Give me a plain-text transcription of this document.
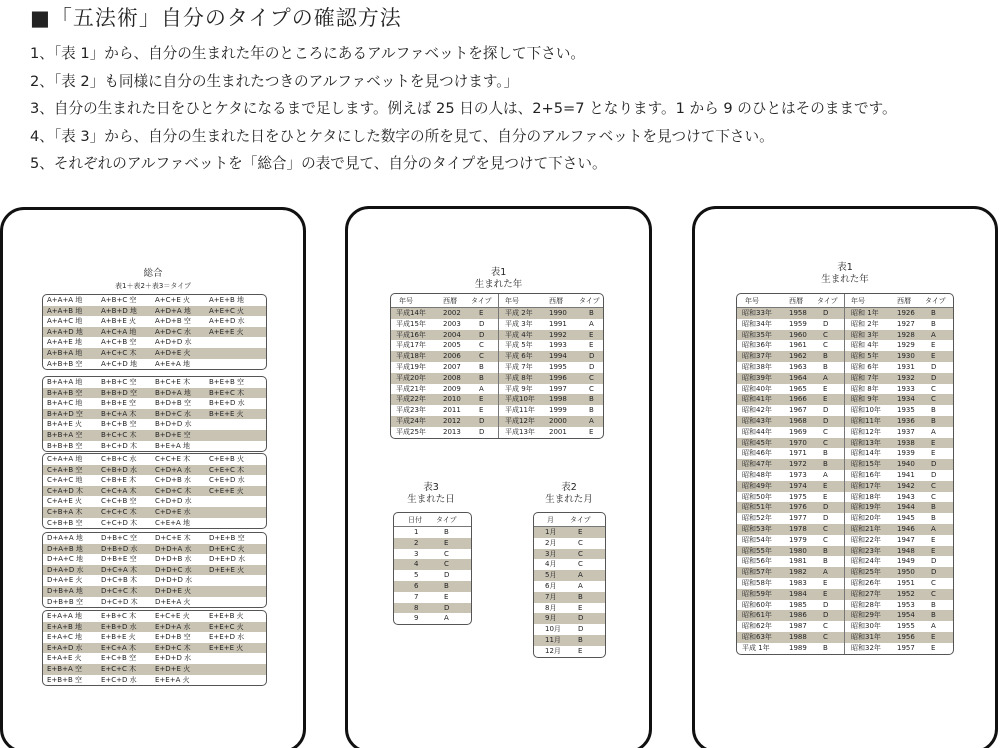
■「五法術」自分のタイプの確認方法
1、「表 1」から、自分の生まれた年のところにあるアルファベットを探して下さい。
2、「表 2」も同様に自分の生まれたつきのアルファベットを見つけます。」
3、自分の生まれた日をひとケタになるまで足します。例えば 25 日の人は、2+5=7 となります。1 から 9 のひとはそのままです。
4、「表 3」から、自分の生まれた日をひとケタにした数字の所を見て、自分のアルファベットを見つけて下さい。
5、それぞれのアルファベットを「総合」の表で見て、自分のタイプを見つけて下さい。
総合
表1＋表2＋表3＝タイプ
A+A+A 地	A+B+C 空	A+C+E 火	A+E+B 地
A+A+B 地	A+B+D 地	A+D+A 地	A+E+C 火
A+A+C 地	A+B+E 火	A+D+B 空	A+E+D 水
A+A+D 地	A+C+A 地	A+D+C 水	A+E+E 火
A+A+E 地	A+C+B 空	A+D+D 水
A+B+A 地	A+C+C 木	A+D+E 火
A+B+B 空	A+C+D 地	A+E+A 地
B+A+A 地	B+B+C 空	B+C+E 木	B+E+B 空
B+A+B 空	B+B+D 空	B+D+A 地	B+E+C 木
B+A+C 地	B+B+E 空	B+D+B 空	B+E+D 水
B+A+D 空	B+C+A 木	B+D+C 水	B+E+E 火
B+A+E 火	B+C+B 空	B+D+D 水
B+B+A 空	B+C+C 木	B+D+E 空
B+B+B 空	B+C+D 木	B+E+A 地
C+A+A 地	C+B+C 水	C+C+E 木	C+E+B 火
C+A+B 空	C+B+D 水	C+D+A 水	C+E+C 木
C+A+C 地	C+B+E 木	C+D+B 水	C+E+D 水
C+A+D 木	C+C+A 木	C+D+C 木	C+E+E 火
C+A+E 火	C+C+B 空	C+D+D 水
C+B+A 木	C+C+C 木	C+D+E 水
C+B+B 空	C+C+D 木	C+E+A 地
D+A+A 地	D+B+C 空	D+C+E 木	D+E+B 空
D+A+B 地	D+B+D 水 D+D+A 水 D+E+C 火
D+A+C 地	D+B+E 空	D+D+B 水 D+E+D 水
D+A+D 水 D+C+A 木	D+D+C 水 D+E+E 火
D+A+E 火	D+C+B 木	D+D+D 水
D+B+A 地	D+C+C 木	D+D+E 火
D+B+B 空	D+C+D 木 D+E+A 火
E+A+A 地	E+B+C 木	E+C+E 火	E+E+B 火
E+A+B 地	E+B+D 水	E+D+A 水	E+E+C 火
E+A+C 地	E+B+E 火	E+D+B 空	E+E+D 水
E+A+D 水	E+C+A 木	E+D+C 木	E+E+E 火
E+A+E 火	E+C+B 空	E+D+D 水
E+B+A 空	E+C+C 木	E+D+E 火
E+B+B 空	E+C+D 水	E+E+A 火
表1
生まれた年
年号	西暦 タイプ 年号	西暦 タイプ
平成14年 2002	E	平成 2年 1990	B
平成15年 2003	D	平成 3年 1991	A
平成16年 2004	D	平成 4年 1992	E
平成17年 2005	C	平成 5年 1993	E
平成18年 2006	C	平成 6年 1994	D
平成19年 2007	B	平成 7年 1995	D
平成20年 2008	B	平成 8年 1996	C
平成21年 2009	A	平成 9年 1997	C
平成22年 2010	E	平成10年 1998	B
平成23年 2011	E	平成11年 1999	B
平成24年 2012	D	平成12年 2000	A
平成25年 2013	D	平成13年 2001	E
表3
生まれた日
日付 タイプ
1	B
2	E
3	C
4	C
5	D
6	B
7	E
8	D
9	A
表2
生まれた月
月 タイプ
1月	E
2月	C
3月	C
4月	C
5月	A
6月	A
7月	B
8月	E
9月	D
10月 D
11月 B
12月 E
表1
生まれた年
年号	西暦 タイプ 年号	西暦 タイプ
昭和33年 1958 D	昭和 1年	1926 B
昭和34年 1959 D	昭和 2年	1927 B
昭和35年 1960 C	昭和 3年	1928 A
昭和36年 1961 C	昭和 4年	1929 E
昭和37年 1962 B	昭和 5年	1930 E
昭和38年 1963 B	昭和 6年	1931 D
昭和39年 1964 A	昭和 7年	1932 D
昭和40年 1965 E	昭和 8年	1933 C
昭和41年 1966 E	昭和 9年	1934 C
昭和42年 1967 D	昭和10年 1935 B
昭和43年 1968 D	昭和11年 1936 B
昭和44年 1969 C	昭和12年 1937 A
昭和45年 1970 C	昭和13年 1938 E
昭和46年 1971 B	昭和14年 1939 E
昭和47年 1972 B	昭和15年 1940 D
昭和48年 1973 A	昭和16年 1941 D
昭和49年 1974 E	昭和17年 1942 C
昭和50年 1975 E	昭和18年 1943 C
昭和51年 1976 D	昭和19年 1944 B
昭和52年 1977 D	昭和20年 1945 B
昭和53年 1978 C	昭和21年 1946 A
昭和54年 1979 C	昭和22年 1947 E
昭和55年 1980 B	昭和23年 1948 E
昭和56年 1981 B	昭和24年 1949 D
昭和57年 1982 A	昭和25年 1950 D
昭和58年 1983 E	昭和26年 1951 C
昭和59年 1984 E	昭和27年 1952 C
昭和60年 1985 D	昭和28年 1953 B
昭和61年 1986 D	昭和29年 1954 B
昭和62年 1987 C	昭和30年 1955 A
昭和63年 1988 C	昭和31年 1956 E
平成 1年	1989 B	昭和32年 1957 E
